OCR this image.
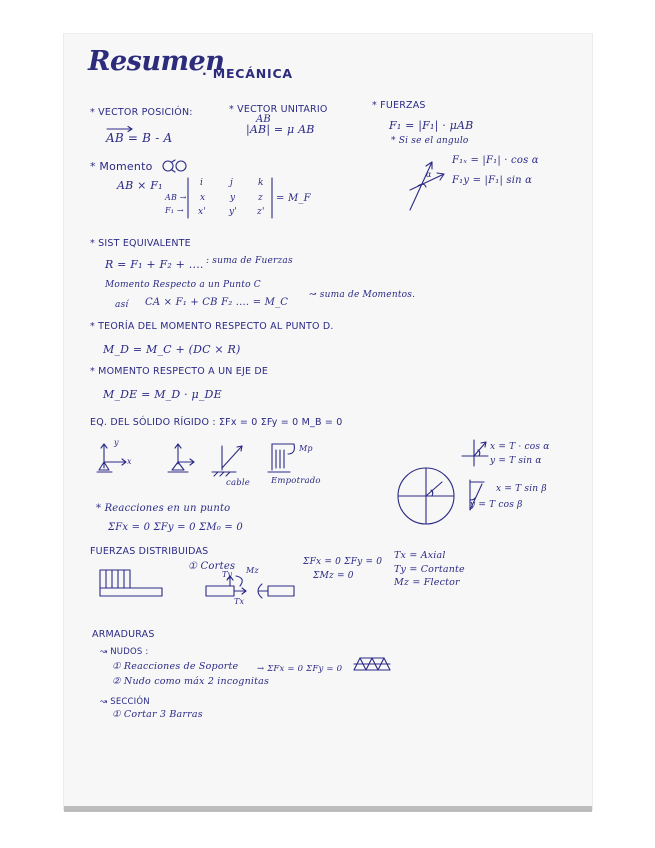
Resumen
· MECÁNICA
* VECTOR POSICIÓN:
AB = B - A
* VECTOR UNITARIO
AB
|AB| = μ AB
* FUERZAS
F₁ = |F₁| · μAB
* Si se el angulo
F₁ₓ = |F₁| · cos α
F₁y = |F₁| sin α
α
* Momento
AB × F₁	i	j	k
AB → x	y	z
F₁ → x'	y' z'
= M_F
* SIST EQUIVALENTE
R = F₁ + F₂ + .... : suma de Fuerzas
Momento Respecto a un Punto C
así CA × F₁ + CB F₂ .... = M_C
↝ suma de Momentos.
* TEORÍA DEL MOMENTO RESPECTO AL PUNTO D.
M_D = M_C + (DC × R)
* MOMENTO RESPECTO A UN EJE DE
M_DE = M_D · μ_DE
EQ. DEL SÓLIDO RÍGIDO : ΣFx = 0 ΣFy = 0 M_B = 0
y
x
cable
Mp
Empotrado
x = T · cos α
y = T sin α
x = T sin β
y = T cos β
* Reacciones en un punto
ΣFx = 0 ΣFy = 0 ΣM₀ = 0
FUERZAS DISTRIBUIDAS
① Cortes
Ty Mz
Tx
ΣFx = 0 ΣFy = 0
ΣMz = 0
Tx = Axial
Ty = Cortante
Mz = Flector
ARMADURAS
↝ NUDOS :
① Reacciones de Soporte
② Nudo como máx 2 incognitas
→ ΣFx = 0 ΣFy = 0
↝ SECCIÓN
① Cortar 3 Barras
